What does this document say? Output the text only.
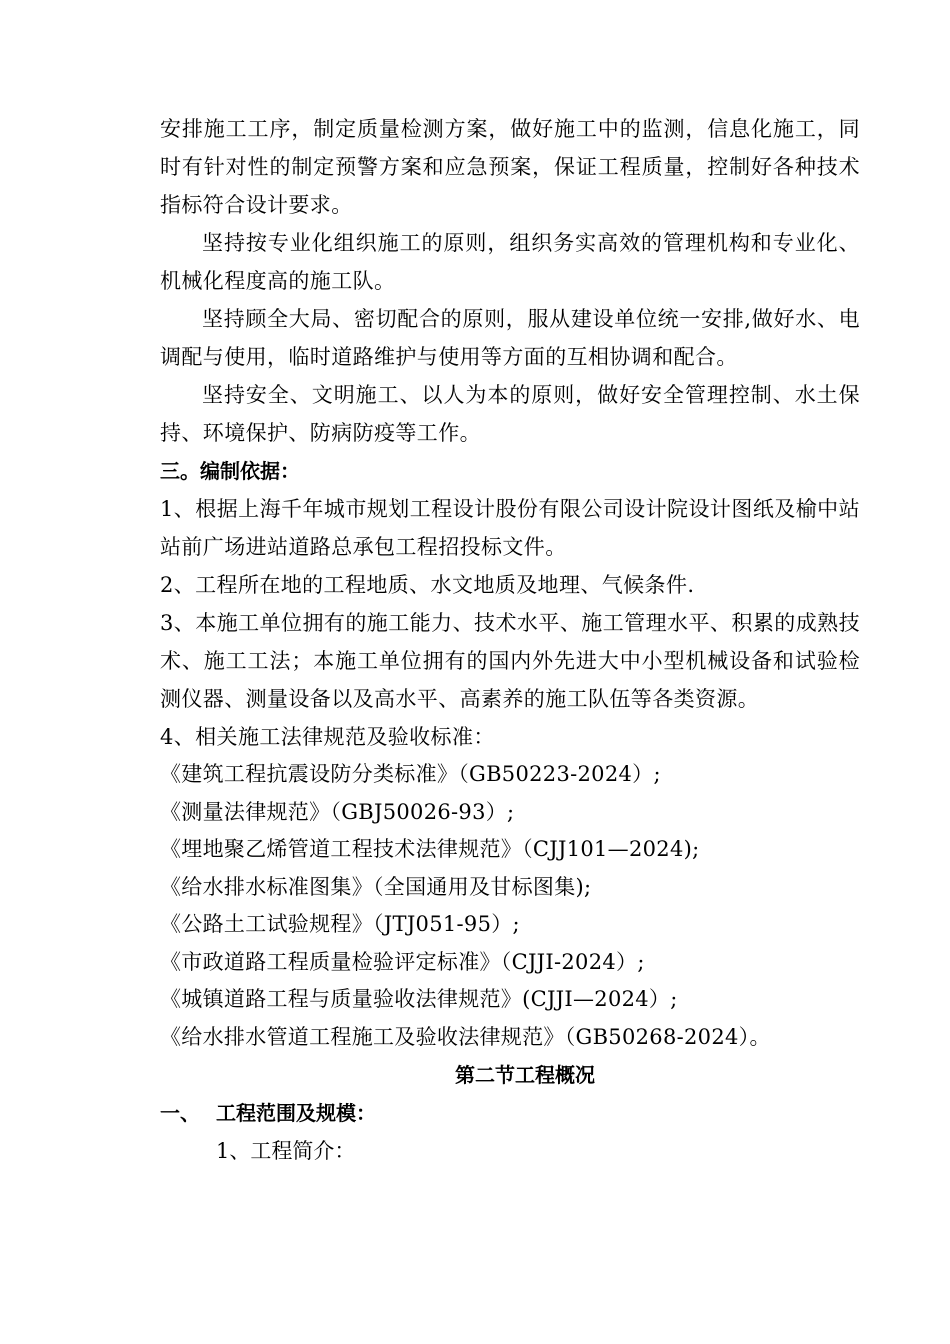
安排施工工序，制定质量检测方案，做好施工中的监测，信息化施工，同时有针对性的制定预警方案和应急预案，保证工程质量，控制好各种技术指标符合设计要求。

坚持按专业化组织施工的原则，组织务实高效的管理机构和专业化、机械化程度高的施工队。

坚持顾全大局、密切配合的原则，服从建设单位统一安排,做好水、电调配与使用，临时道路维护与使用等方面的互相协调和配合。

坚持安全、文明施工、以人为本的原则，做好安全管理控制、水土保持、环境保护、防病防疫等工作。

三。编制依据：

1、根据上海千年城市规划工程设计股份有限公司设计院设计图纸及榆中站站前广场进站道路总承包工程招投标文件。

2、工程所在地的工程地质、水文地质及地理、气候条件.

3、本施工单位拥有的施工能力、技术水平、施工管理水平、积累的成熟技术、施工工法；本施工单位拥有的国内外先进大中小型机械设备和试验检测仪器、测量设备以及高水平、高素养的施工队伍等各类资源。

4、相关施工法律规范及验收标准：

《建筑工程抗震设防分类标准》（GB50223-2024）;

《测量法律规范》（GBJ50026-93）;

《埋地聚乙烯管道工程技术法律规范》（CJJ101—2024);

《给水排水标准图集》（全国通用及甘标图集);

《公路土工试验规程》（JTJ051-95）;

《市政道路工程质量检验评定标准》（CJJI-2024）;

《城镇道路工程与质量验收法律规范》(CJJI—2024）;

《给水排水管道工程施工及验收法律规范》（GB50268-2024）。

第二节工程概况

一、 工程范围及规模：

1、工程简介：
